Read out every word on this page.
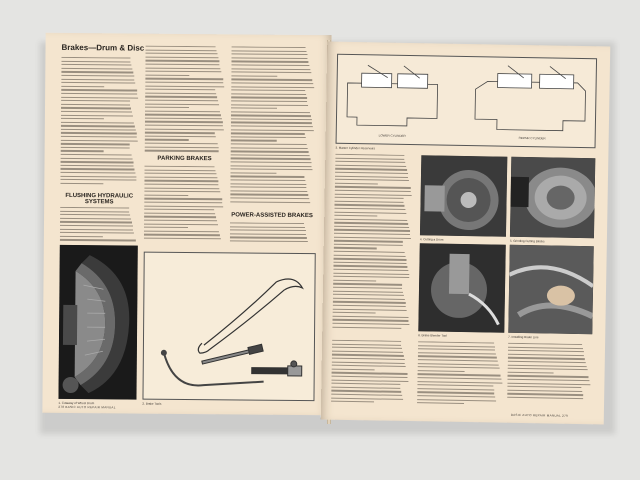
Brakes—Drum & Disc
FLUSHING HYDRAULIC SYSTEMS
PARKING BRAKES
POWER-ASSISTED BRAKES
1. Cutaway of Wheel Drum	2. Brake Tools
278 BASIC AUTO REPAIR MANUAL
LOWER CYLINDER
REPAIR CYLINDER
3. Master Cylinder Reservoirs
4. Cutting a Drum	5. Grinding Cutting Blocks
6. Brake Bleeder Tool	7. Installing Brake Line
BASIC AUTO REPAIR MANUAL 279
